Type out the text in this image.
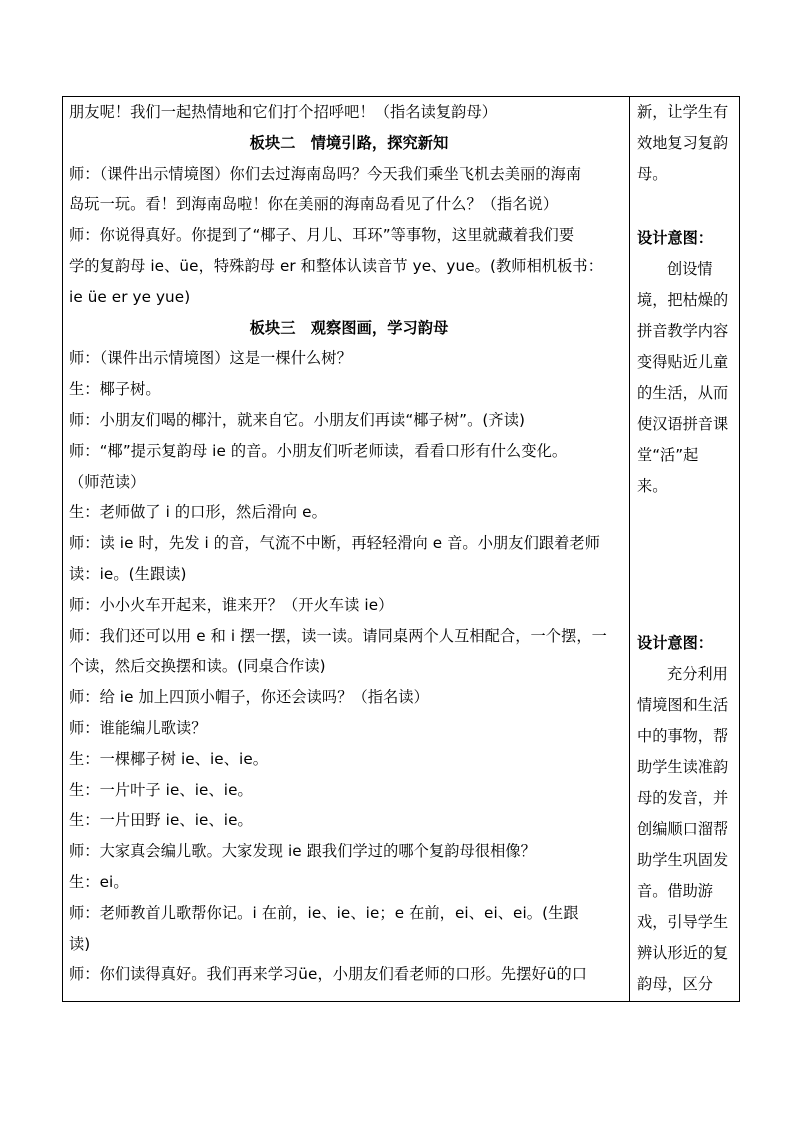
朋友呢！我们一起热情地和它们打个招呼吧！（指名读复韵母）
板块二　情境引路，探究新知
师：（课件出示情境图）你们去过海南岛吗？今天我们乘坐飞机去美丽的海南
岛玩一玩。看！到海南岛啦！你在美丽的海南岛看见了什么？（指名说）
师：你说得真好。你提到了“椰子、月儿、耳环”等事物，这里就藏着我们要
学的复韵母 ie、üe，特殊韵母 er 和整体认读音节 ye、yue。(教师相机板书：
ie üe er ye yue)
板块三　观察图画，学习韵母
师：（课件出示情境图）这是一棵什么树？
生：椰子树。
师：小朋友们喝的椰汁，就来自它。小朋友们再读“椰子树”。(齐读)
师：“椰”提示复韵母 ie 的音。小朋友们听老师读，看看口形有什么变化。
（师范读）
生：老师做了 i 的口形，然后滑向 e。
师：读 ie 时，先发 i 的音，气流不中断，再轻轻滑向 e 音。小朋友们跟着老师
读：ie。(生跟读)
师：小小火车开起来，谁来开？（开火车读 ie）
师：我们还可以用 e 和 i 摆一摆，读一读。请同桌两个人互相配合，一个摆，一
个读，然后交换摆和读。(同桌合作读)
师：给 ie 加上四顶小帽子，你还会读吗？（指名读）
师：谁能编儿歌读？
生：一棵椰子树 ie、ie、ie。
生：一片叶子 ie、ie、ie。
生：一片田野 ie、ie、ie。
师：大家真会编儿歌。大家发现 ie 跟我们学过的哪个复韵母很相像？
生：ei。
师：老师教首儿歌帮你记。i 在前，ie、ie、ie；e 在前，ei、ei、ei。(生跟
读)
师：你们读得真好。我们再来学习üe，小朋友们看老师的口形。先摆好ü的口
新，让学生有
效地复习复韵
母。
设计意图：
创设情
境，把枯燥的
拼音教学内容
变得贴近儿童
的生活，从而
使汉语拼音课
堂“活”起
来。
设计意图：
充分利用
情境图和生活
中的事物，帮
助学生读准韵
母的发音，并
创编顺口溜帮
助学生巩固发
音。借助游
戏，引导学生
辨认形近的复
韵母，区分
